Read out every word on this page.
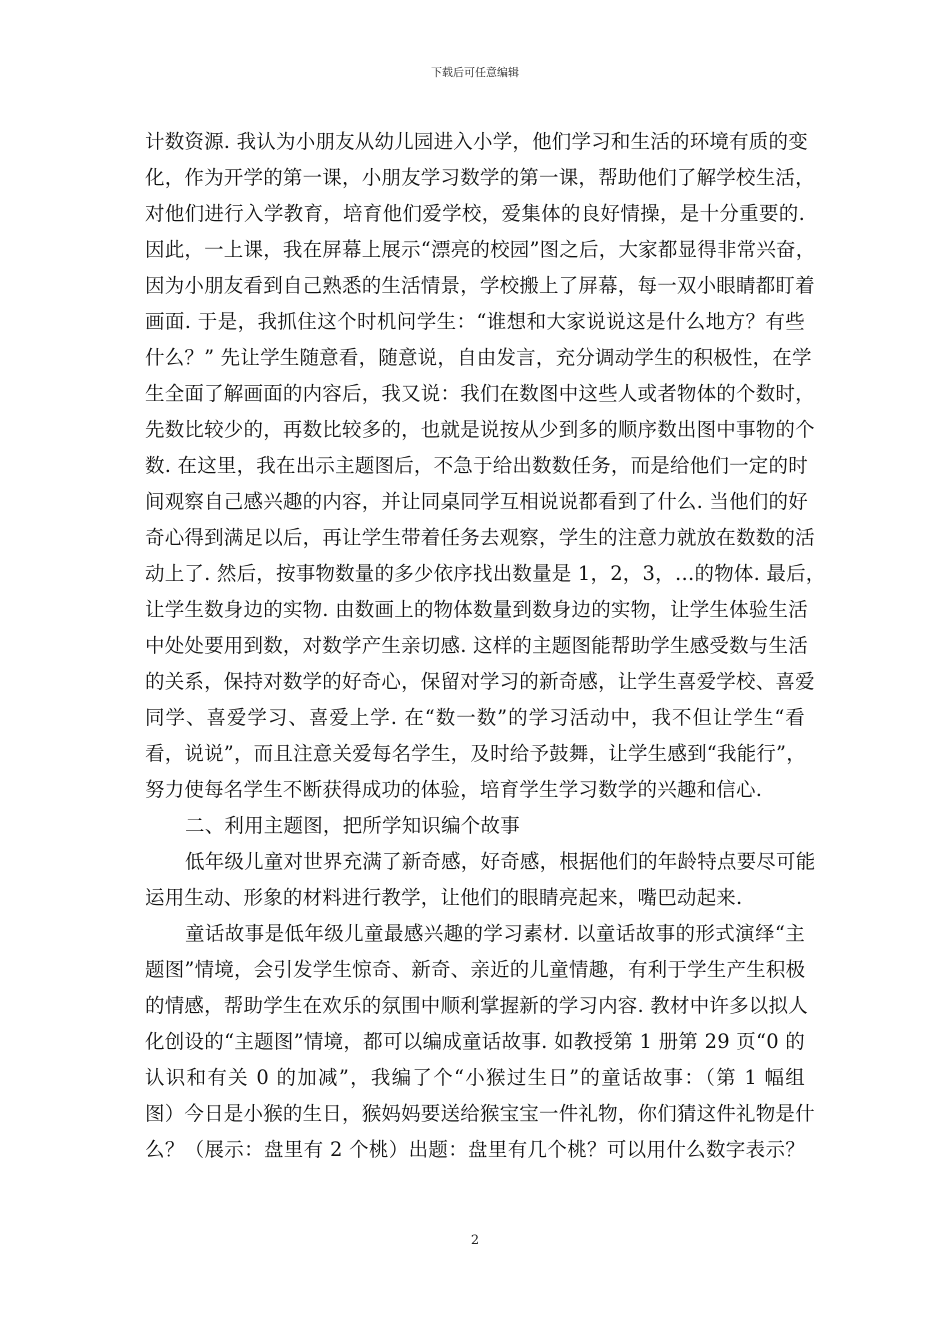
下载后可任意编辑
计数资源. 我认为小朋友从幼儿园进入小学，他们学习和生活的环境有质的变
化，作为开学的第一课，小朋友学习数学的第一课，帮助他们了解学校生活，
对他们进行入学教育，培育他们爱学校，爱集体的良好情操，是十分重要的.
因此，一上课，我在屏幕上展示“漂亮的校园”图之后，大家都显得非常兴奋，
因为小朋友看到自己熟悉的生活情景，学校搬上了屏幕，每一双小眼睛都盯着
画面. 于是，我抓住这个时机问学生：“谁想和大家说说这是什么地方？有些
什么？” 先让学生随意看，随意说，自由发言，充分调动学生的积极性，在学
生全面了解画面的内容后，我又说：我们在数图中这些人或者物体的个数时，
先数比较少的，再数比较多的，也就是说按从少到多的顺序数出图中事物的个
数. 在这里，我在出示主题图后，不急于给出数数任务，而是给他们一定的时
间观察自己感兴趣的内容，并让同桌同学互相说说都看到了什么. 当他们的好
奇心得到满足以后，再让学生带着任务去观察，学生的注意力就放在数数的活
动上了. 然后，按事物数量的多少依序找出数量是 1，2，3，…的物体. 最后，
让学生数身边的实物. 由数画上的物体数量到数身边的实物，让学生体验生活
中处处要用到数，对数学产生亲切感. 这样的主题图能帮助学生感受数与生活
的关系，保持对数学的好奇心，保留对学习的新奇感，让学生喜爱学校、喜爱
同学、喜爱学习、喜爱上学. 在“数一数”的学习活动中，我不但让学生“看
看，说说”，而且注意关爱每名学生，及时给予鼓舞，让学生感到“我能行”，
努力使每名学生不断获得成功的体验，培育学生学习数学的兴趣和信心.
二、利用主题图，把所学知识编个故事
低年级儿童对世界充满了新奇感，好奇感，根据他们的年龄特点要尽可能
运用生动、形象的材料进行教学，让他们的眼睛亮起来，嘴巴动起来.
童话故事是低年级儿童最感兴趣的学习素材. 以童话故事的形式演绎“主
题图”情境，会引发学生惊奇、新奇、亲近的儿童情趣，有利于学生产生积极
的情感，帮助学生在欢乐的氛围中顺利掌握新的学习内容. 教材中许多以拟人
化创设的“主题图”情境，都可以编成童话故事. 如教授第 1 册第 29 页“0 的
认识和有关 0 的加减”，我编了个“小猴过生日”的童话故事：（第 1 幅组
图）今日是小猴的生日，猴妈妈要送给猴宝宝一件礼物，你们猜这件礼物是什
么？（展示：盘里有 2 个桃）出题：盘里有几个桃？可以用什么数字表示？
2
